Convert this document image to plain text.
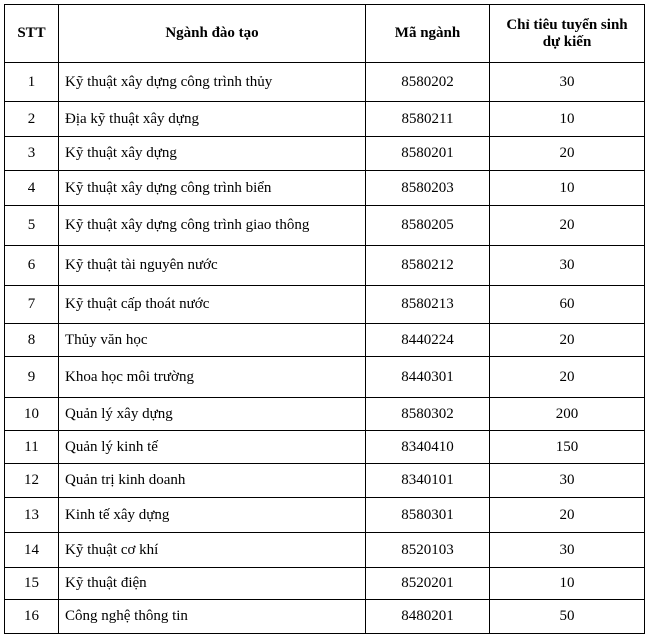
STT	Ngành đào tạo	Mã ngành	Chỉ tiêu tuyển sinh dự kiến
1	Kỹ thuật xây dựng công trình thủy	8580202	30
2	Địa kỹ thuật xây dựng	8580211	10
3	Kỹ thuật xây dựng	8580201	20
4	Kỹ thuật xây dựng công trình biển	8580203	10
5	Kỹ thuật xây dựng công trình giao thông	8580205	20
6	Kỹ thuật tài nguyên nước	8580212	30
7	Kỹ thuật cấp thoát nước	8580213	60
8	Thủy văn học	8440224	20
9	Khoa học môi trường	8440301	20
10	Quản lý xây dựng	8580302	200
11	Quản lý kinh tế	8340410	150
12	Quản trị kinh doanh	8340101	30
13	Kinh tế xây dựng	8580301	20
14	Kỹ thuật cơ khí	8520103	30
15	Kỹ thuật điện	8520201	10
16	Công nghệ thông tin	8480201	50
